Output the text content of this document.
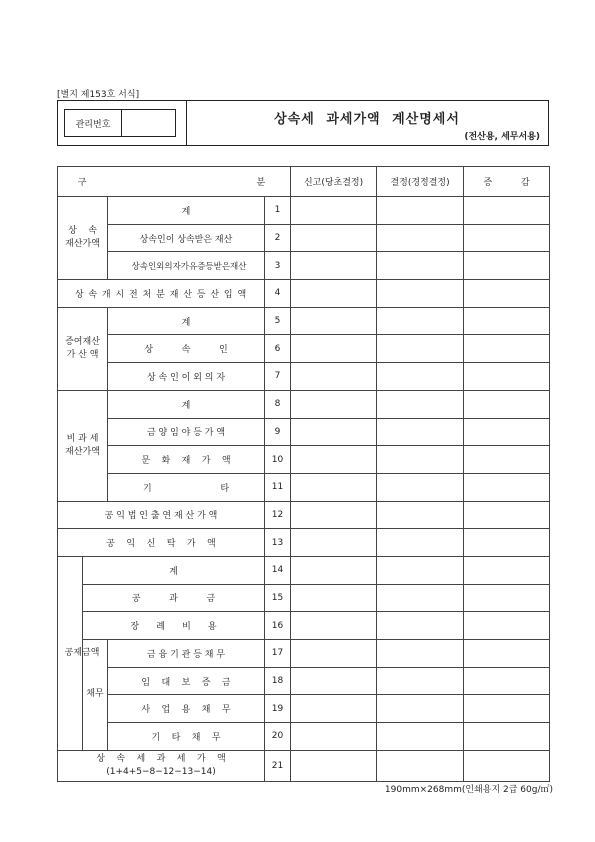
[별지 제153호 서식]
관리번호	상속세 과세가액 계산명세서
(전산용, 세무서용)
구                     분				신고(당초결정)	결정(경정결정)	증          감
상    속
재산가액		계	1			
		상속인이 상속받은 재산	2			
		상속인외의자가유증등받은재산	3			
상 속 개 시 전 처 분 재 산 등 산 입 액			4			
증여재산
가 산 액		계	5			
		상          속          인	6			
		상 속 인 이 외 의 자	7			
비 과 세
재산가액		계	8			
		금 양 임 야 등 가 액	9			
		문    화    재    가    액	10			
		기                        타	11			
공 익 법 인 출 연 재 산 가 액			12			
공    익    신    탁    가    액			13			
공제금액	계		14			
	공          과          금		15			
	장      례      비      용		16			
	채무	금 융 기 관 등 채 무	17			
		임    대    보    증    금	18			
		사    업    용    채    무	19			
		기    타    채    무	20			

상    속    세    과    세    가    액
(1+4+5−8−12−13−14)			21			
190mm×268mm(인쇄용지 2급 60g/㎡)
